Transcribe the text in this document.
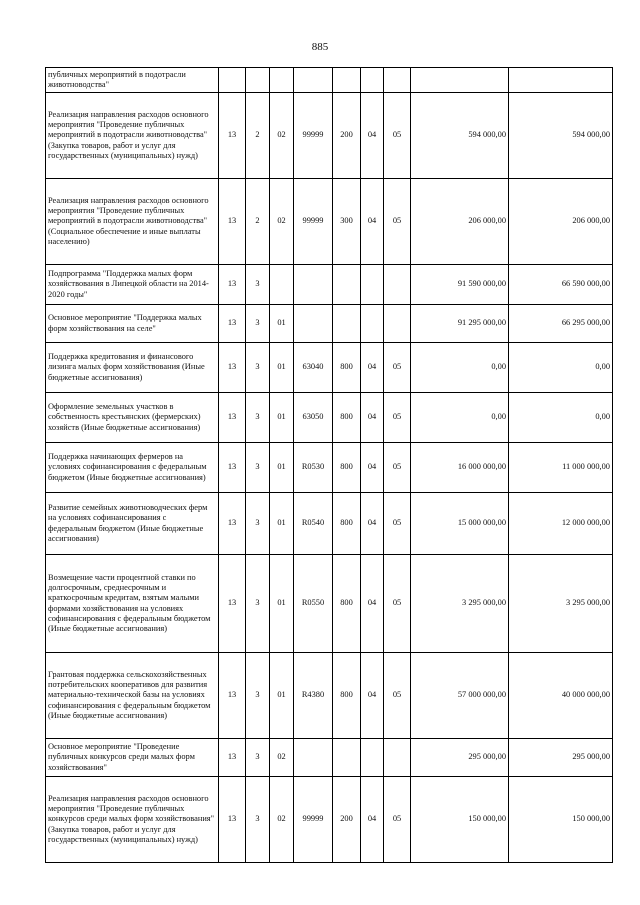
885
публичных мероприятий в подотрасли животноводства"									
Реализация направления расходов основного мероприятия "Проведение публичных мероприятий в подотрасли животноводства" (Закупка товаров, работ и услуг для государственных (муниципальных) нужд)	13	2	02	99999	200	04	05	594 000,00	594 000,00
Реализация направления расходов основного мероприятия "Проведение публичных мероприятий в подотрасли животноводства" (Социальное обеспечение и иные выплаты населению)	13	2	02	99999	300	04	05	206 000,00	206 000,00
Подпрограмма "Поддержка малых форм хозяйствования в Липецкой области на 2014-2020 годы"	13	3						91 590 000,00	66 590 000,00
Основное мероприятие "Поддержка малых форм хозяйствования на селе"	13	3	01					91 295 000,00	66 295 000,00
Поддержка кредитования и финансового лизинга малых форм хозяйствования (Иные бюджетные ассигнования)	13	3	01	63040	800	04	05	0,00	0,00
Оформление земельных участков в собственность крестьянских (фермерских) хозяйств (Иные бюджетные ассигнования)	13	3	01	63050	800	04	05	0,00	0,00
Поддержка начинающих фермеров на условиях софинансирования с федеральным бюджетом (Иные бюджетные ассигнования)	13	3	01	R0530	800	04	05	16 000 000,00	11 000 000,00
Развитие семейных животноводческих ферм на условиях софинансирования с федеральным бюджетом (Иные бюджетные ассигнования)	13	3	01	R0540	800	04	05	15 000 000,00	12 000 000,00
Возмещение части процентной ставки по долгосрочным, среднесрочным и краткосрочным кредитам, взятым малыми формами хозяйствования на условиях софинансирования с федеральным бюджетом (Иные бюджетные ассигнования)	13	3	01	R0550	800	04	05	3 295 000,00	3 295 000,00
Грантовая поддержка сельскохозяйственных потребительских кооперативов для развития материально-технической базы на условиях софинансирования с федеральным бюджетом (Иные бюджетные ассигнования)	13	3	01	R4380	800	04	05	57 000 000,00	40 000 000,00
Основное мероприятие "Проведение публичных конкурсов среди малых форм хозяйствования"	13	3	02					295 000,00	295 000,00
Реализация направления расходов основного мероприятия "Проведение публичных конкурсов среди малых форм хозяйствования" (Закупка товаров, работ и услуг для государственных (муниципальных) нужд)	13	3	02	99999	200	04	05	150 000,00	150 000,00
